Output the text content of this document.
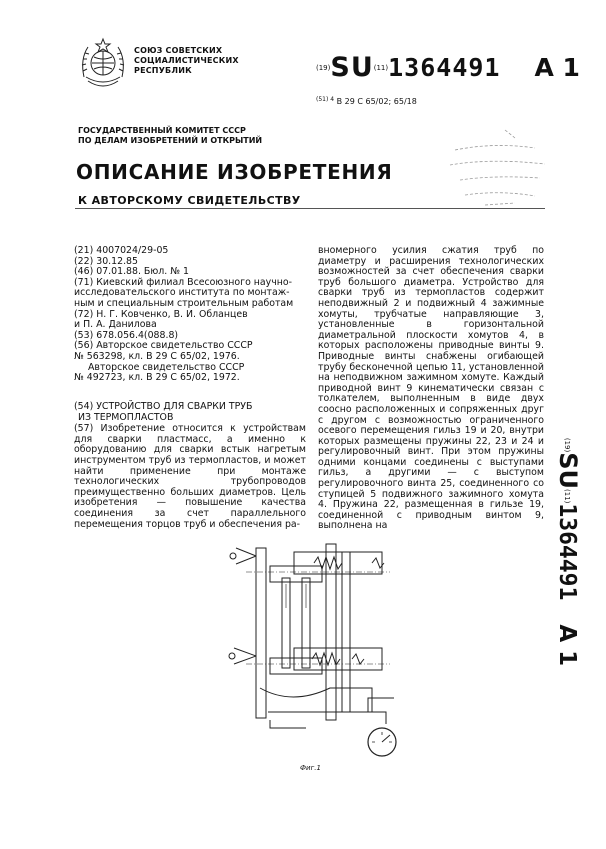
СОЮЗ СОВЕТСКИХ
СОЦИАЛИСТИЧЕСКИХ
РЕСПУБЛИК	$^{(19)}$SU$^{(11)}$1364491 A 1
$^{(51) 4}$ В 29 С 65/02; 65/18
ГОСУДАРСТВЕННЫЙ КОМИТЕТ СССР
ПО ДЕЛАМ ИЗОБРЕТЕНИЙ И ОТКРЫТИЙ
ОПИСАНИЕ ИЗОБРЕТЕНИЯ
К АВТОРСКОМУ СВИДЕТЕЛЬСТВУ
(21) 4007024/29-05
(22) 30.12.85
(46) 07.01.88. Бюл. № 1
(71) Киевский филиал Всесоюзного научно-
исследовательского института по монтаж-
ным и специальным строительным работам
(72) Н. Г. Ковченко, В. И. Обланцев
и П. А. Данилова
(53) 678.056.4(088.8)
(56) Авторское свидетельство СССР
№ 563298, кл. В 29 С 65/02, 1976.
Авторское свидетельство СССР
№ 492723, кл. В 29 С 65/02, 1972.
(54) УСТРОЙСТВО ДЛЯ СВАРКИ ТРУБ
ИЗ ТЕРМОПЛАСТОВ

(57) Изобретение относится к устройствам для сварки пластмасс, а именно к оборудованию для сварки встык нагретым инструментом труб из термопластов, и может найти применение при монтаже технологических трубопроводов преимущественно больших диаметров. Цель изобретения — повышение качества соединения за счет параллельного перемещения торцов труб и обеспечения ра-

вномерного усилия сжатия труб по диаметру и расширения технологических возможностей за счет обеспечения сварки труб большого диаметра. Устройство для сварки труб из термопластов содержит неподвижный 2 и подвижный 4 зажимные хомуты, трубчатые направляющие 3, установленные в горизонтальной диаметральной плоскости хомутов 4, в которых расположены приводные винты 9. Приводные винты снабжены огибающей трубу бесконечной цепью 11, установленной на неподвижном зажимном хомуте. Каждый приводной винт 9 кинематически связан с толкателем, выполненным в виде двух соосно расположенных и сопряженных друг с другом с возможностью ограниченного осевого перемещения гильз 19 и 20, внутри которых размещены пружины 22, 23 и 24 и регулировочный винт. При этом пружины одними концами соединены с выступами гильз, а другими — с выступом регулировочного винта 25, соединенного со ступицей 5 подвижного зажимного хомута 4. Пружина 22, размещенная в гильзе 19, соединенной с приводным винтом 9, выполнена на

$^{(19)}$SU$^{(11)}$1364491A 1
Фиг.1
